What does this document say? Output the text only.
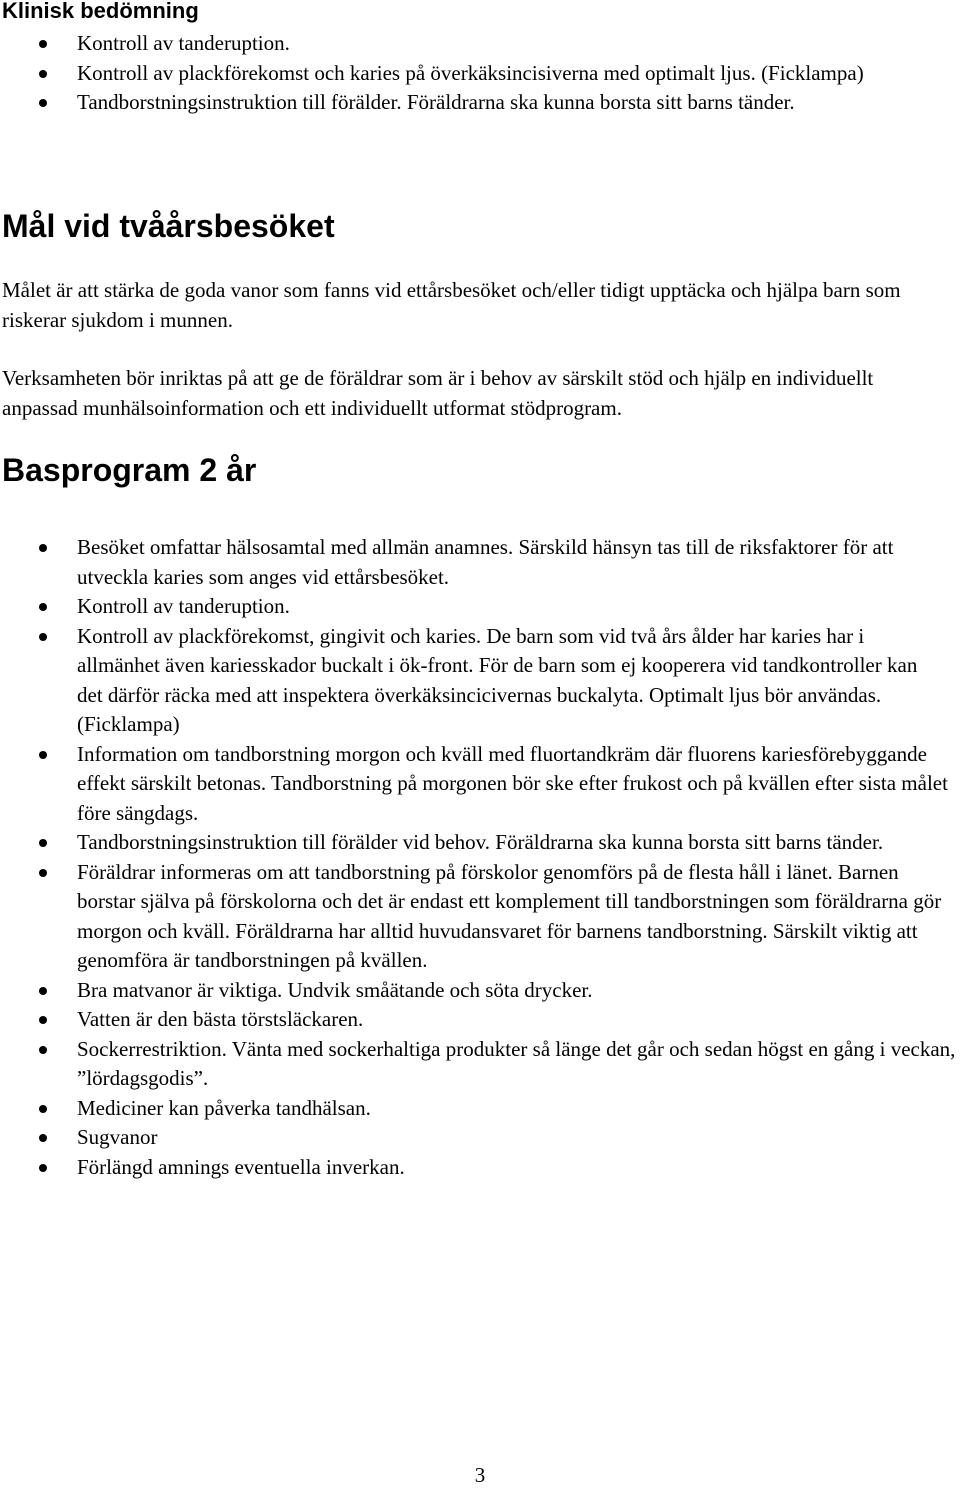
Klinisk bedömning
Kontroll av tanderuption.
Kontroll av plackförekomst och karies på överkäksincisiverna med optimalt ljus. (Ficklampa)
Tandborstningsinstruktion till förälder. Föräldrarna ska kunna borsta sitt barns tänder.
Mål vid tvåårsbesöket

Målet är att stärka de goda vanor som fanns vid ettårsbesöket och/eller tidigt upptäcka och hjälpa barn som riskerar sjukdom i munnen.

Verksamheten bör inriktas på att ge de föräldrar som är i behov av särskilt stöd och hjälp en individuellt anpassad munhälsoinformation och ett individuellt utformat stödprogram.

Basprogram 2 år
Besöket omfattar hälsosamtal med allmän anamnes. Särskild hänsyn tas till de riksfaktorer för att utveckla karies som anges vid ettårsbesöket.
Kontroll av tanderuption.
Kontroll av plackförekomst, gingivit och karies. De barn som vid två års ålder har karies har i allmänhet även kariesskador buckalt i ök-front. För de barn som ej kooperera vid tandkontroller kan det därför räcka med att inspektera överkäksincicivernas buckalyta. Optimalt ljus bör användas. (Ficklampa)
Information om tandborstning morgon och kväll med fluortandkräm där fluorens kariesförebyggande effekt särskilt betonas. Tandborstning på morgonen bör ske efter frukost och på kvällen efter sista målet före sängdags.
Tandborstningsinstruktion till förälder vid behov. Föräldrarna ska kunna borsta sitt barns tänder.
Föräldrar informeras om att tandborstning på förskolor genomförs på de flesta håll i länet. Barnen borstar själva på förskolorna och det är endast ett komplement till tandborstningen som föräldrarna gör morgon och kväll. Föräldrarna har alltid huvudansvaret för barnens tandborstning. Särskilt viktig att genomföra är tandborstningen på kvällen.
Bra matvanor är viktiga. Undvik småätande och söta drycker.
Vatten är den bästa törstsläckaren.
Sockerrestriktion. Vänta med sockerhaltiga produkter så länge det går och sedan högst en gång i veckan, ”lördagsgodis”.
Mediciner kan påverka tandhälsan.
Sugvanor
Förlängd amnings eventuella inverkan.
3
